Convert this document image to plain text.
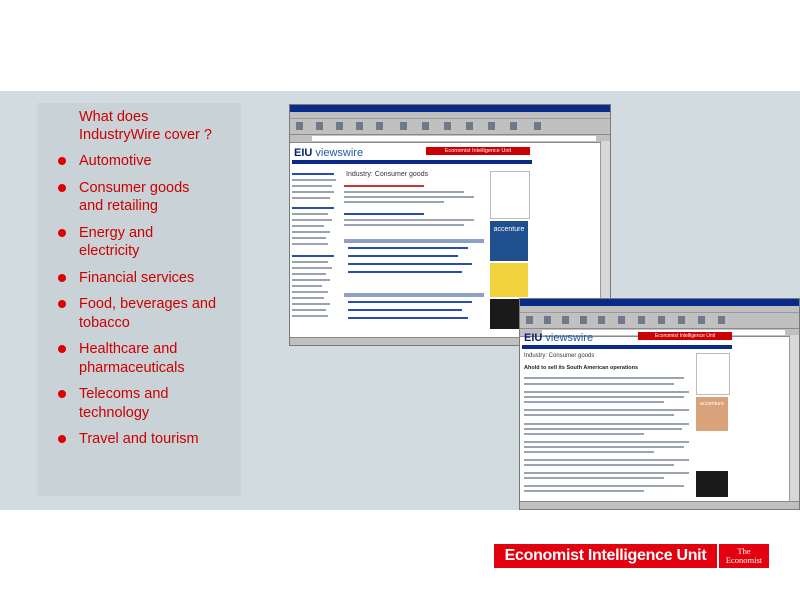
What does
IndustryWire cover ?
Automotive
Consumer goods
and retailing
Energy and
electricity
Financial services
Food, beverages and
tobacco
Healthcare and
pharmaceuticals
Telecoms and
technology
Travel and tourism
EIU viewswire	Economist Intelligence Unit
Industry: Consumer goods
accenture
EIU viewswire	Economist Intelligence Unit
Industry: Consumer goods
Ahold to sell its South American operations
accenture
Economist Intelligence Unit	The
Economist
